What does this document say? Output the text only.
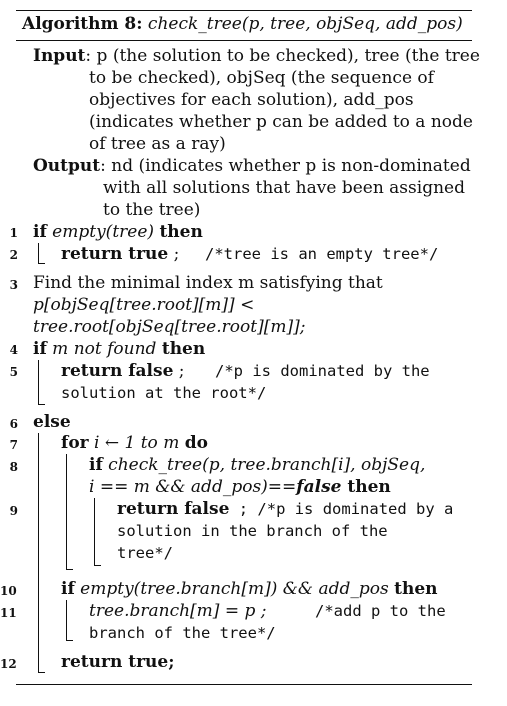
Algorithm 8: check_tree(p, tree, objSeq, add_pos)
Input: p (the solution to be checked), tree (the tree
to be checked), objSeq (the sequence of
objectives for each solution), add_pos
(indicates whether p can be added to a node
of tree as a ray)
Output: nd (indicates whether p is non-dominated
with all solutions that have been assigned
to the tree)
1 if empty(tree) then
2	return true ; /*tree is an empty tree*/
3 Find the minimal index m satisfying that
p[objSeq[tree.root][m]] <
tree.root[objSeq[tree.root][m]];
4 if m not found then
5	return false ; /*p is dominated by the
solution at the root*/
6 else
7	for i ← 1 to m do
8	if check_tree(p, tree.branch[i], objSeq,
i == m && add_pos)==false then
9	return false ; /*p is dominated by a
solution in the branch of the
tree*/
10	if empty(tree.branch[m]) && add_pos then
11	tree.branch[m] = p ;	/*add p to the
branch of the tree*/
12	return true;
